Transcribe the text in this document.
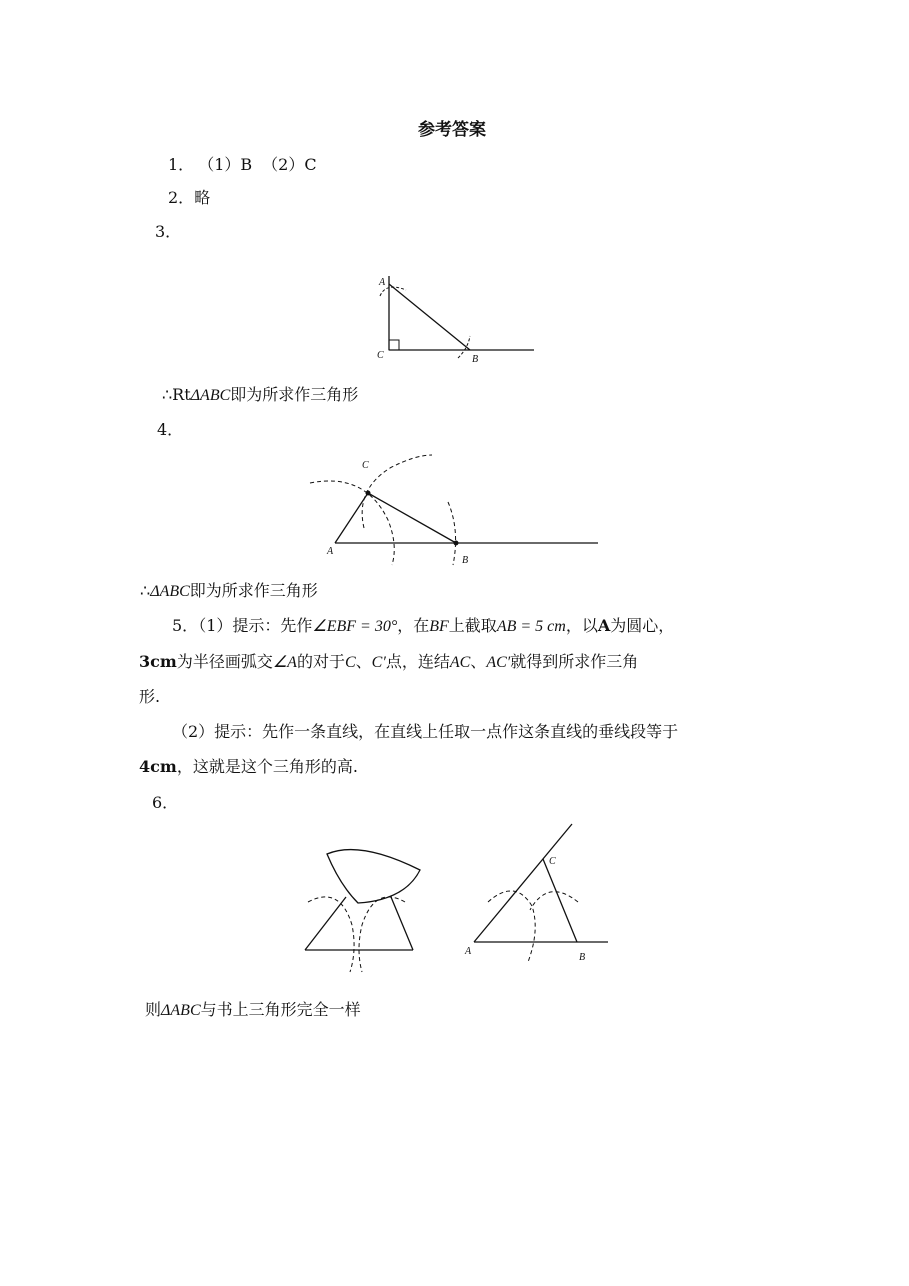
参考答案
1． （1）B （2）C
2．略
3．
A
C	B
∴RtΔABC即为所求作三角形
4．
C
A
B
∴ΔABC即为所求作三角形
5．（1）提示：先作∠EBF = 30°，在BF上截取AB = 5 cm，以A为圆心，
3cm为半径画弧交∠A的对于C、C′点，连结AC、AC′就得到所求作三角
形.
（2）提示：先作一条直线，在直线上任取一点作这条直线的垂线段等于
4cm，这就是这个三角形的高.
6．
C
A
B
则ΔABC与书上三角形完全一样
